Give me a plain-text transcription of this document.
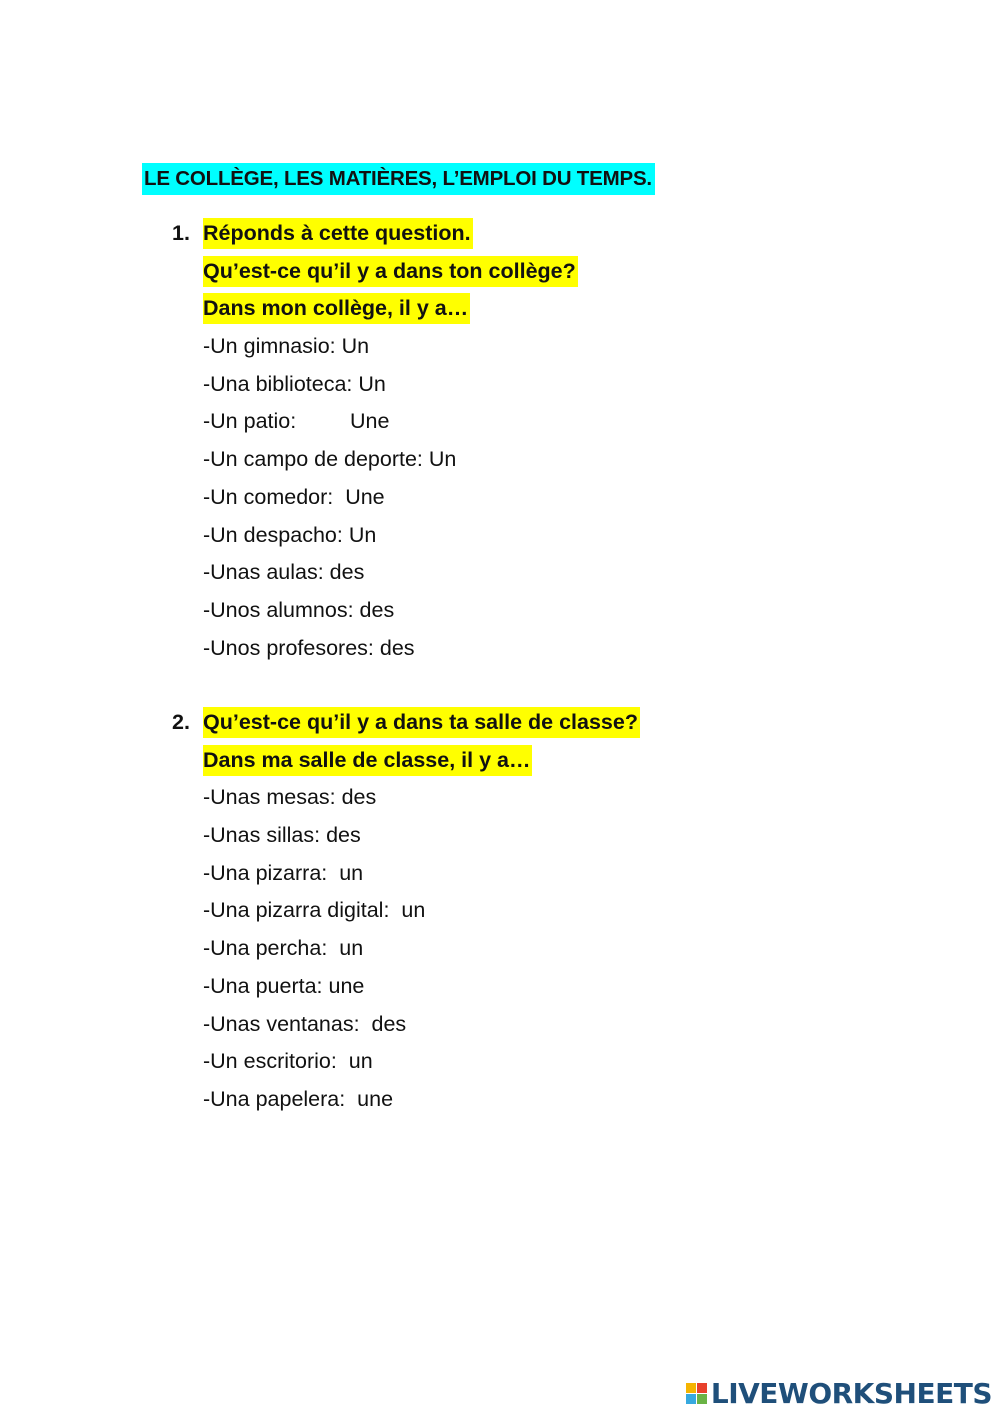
LE COLLÈGE, LES MATIÈRES, L’EMPLOI DU TEMPS.
1. Réponds à cette question.
Qu’est-ce qu’il y a dans ton collège?
Dans mon collège, il y a…
-Un gimnasio: Un
-Una biblioteca: Un
-Un patio:         Une
-Un campo de deporte: Un
-Un comedor:  Une
-Un despacho: Un
-Unas aulas: des
-Unos alumnos: des
-Unos profesores: des
2. Qu’est-ce qu’il y a dans ta salle de classe?
Dans ma salle de classe, il y a…
-Unas mesas: des
-Unas sillas: des
-Una pizarra:  un
-Una pizarra digital:  un
-Una percha:  un
-Una puerta: une
-Unas ventanas:  des
-Un escritorio:  un
-Una papelera:  une
LIVEWORKSHEETS
